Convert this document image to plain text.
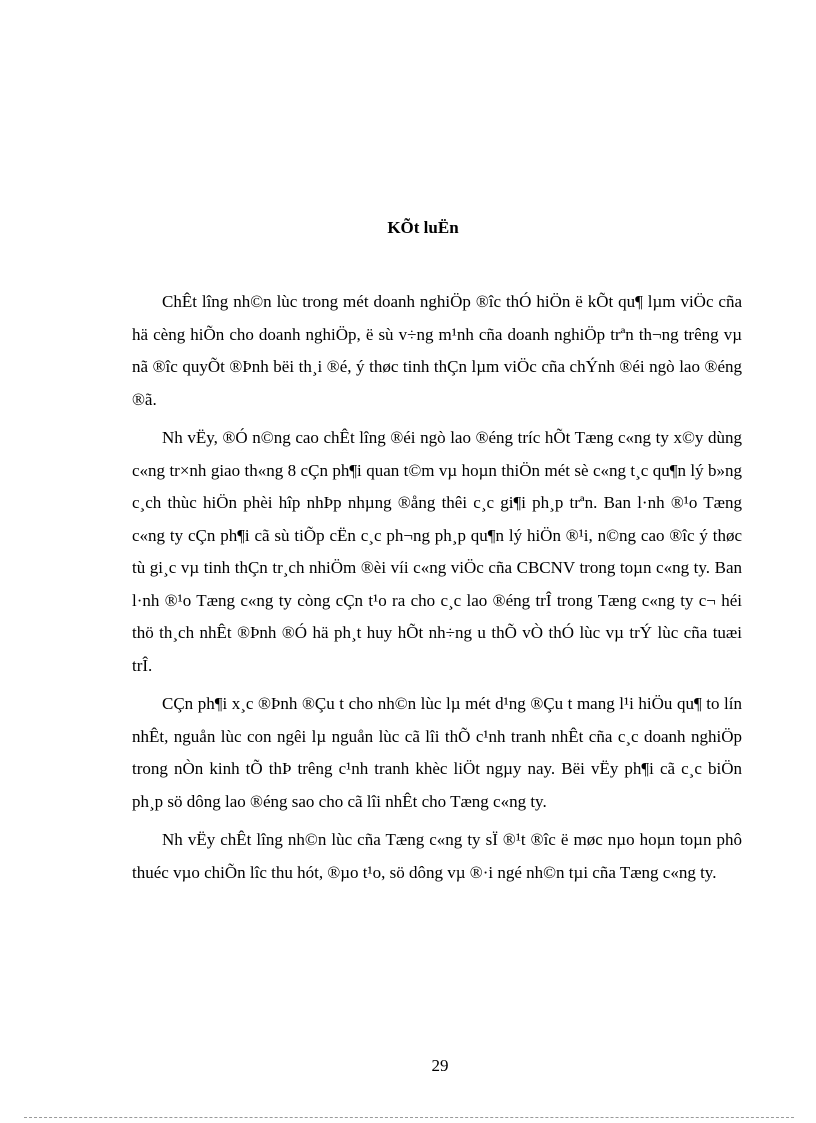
KÕt luËn

ChÊt lîng nh©n lùc trong mét doanh nghiÖp ®îc thÓ hiÖn ë kÕt qu¶ lµm viÖc cña hä cèng hiÕn cho doanh nghiÖp, ë sù v÷ng m¹nh cña doanh nghiÖp trªn th¬ng trêng vµ nã ®îc quyÕt ®Þnh bëi th¸i ®é, ý thøc tinh thÇn lµm viÖc cña chÝnh ®éi ngò lao ®éng ®ã.

Nh vËy, ®Ó n©ng cao chÊt lîng ®éi ngò lao ®éng tríc hÕt Tæng c«ng ty x©y dùng c«ng tr×nh giao th«ng 8 cÇn ph¶i quan t©m vµ hoµn thiÖn mét sè c«ng t¸c qu¶n lý b»ng c¸ch thùc hiÖn phèi hîp nhÞp nhµng ®ång thêi c¸c gi¶i ph¸p trªn. Ban l·nh ®¹o Tæng c«ng ty cÇn ph¶i cã sù tiÕp cËn c¸c ph¬ng ph¸p qu¶n lý hiÖn ®¹i, n©ng cao ®îc ý thøc tù gi¸c vµ tinh thÇn tr¸ch nhiÖm ®èi víi c«ng viÖc cña CBCNV trong toµn c«ng ty. Ban l·nh ®¹o Tæng c«ng ty còng cÇn t¹o ra cho c¸c lao ®éng trÎ trong Tæng c«ng ty c¬ héi thö th¸ch nhÊt ®Þnh ®Ó hä ph¸t huy hÕt nh÷ng u thÕ vÒ thÓ lùc vµ trÝ lùc cña tuæi trÎ.

CÇn ph¶i x¸c ®Þnh ®Çu t cho nh©n lùc lµ mét d¹ng ®Çu t mang l¹i hiÖu qu¶ to lín nhÊt, nguån lùc con ngêi lµ nguån lùc cã lîi thÕ c¹nh tranh nhÊt cña c¸c doanh nghiÖp trong nÒn kinh tÕ thÞ trêng c¹nh tranh khèc liÖt ngµy nay. Bëi vËy ph¶i cã c¸c biÖn ph¸p sö dông lao ®éng sao cho cã lîi nhÊt cho Tæng c«ng ty.

Nh vËy chÊt lîng nh©n lùc cña Tæng c«ng ty sÏ ®¹t ®îc ë møc nµo hoµn toµn phô thuéc vµo chiÕn lîc thu hót, ®µo t¹o, sö dông vµ ®·i ngé nh©n tµi cña Tæng c«ng ty.

29
